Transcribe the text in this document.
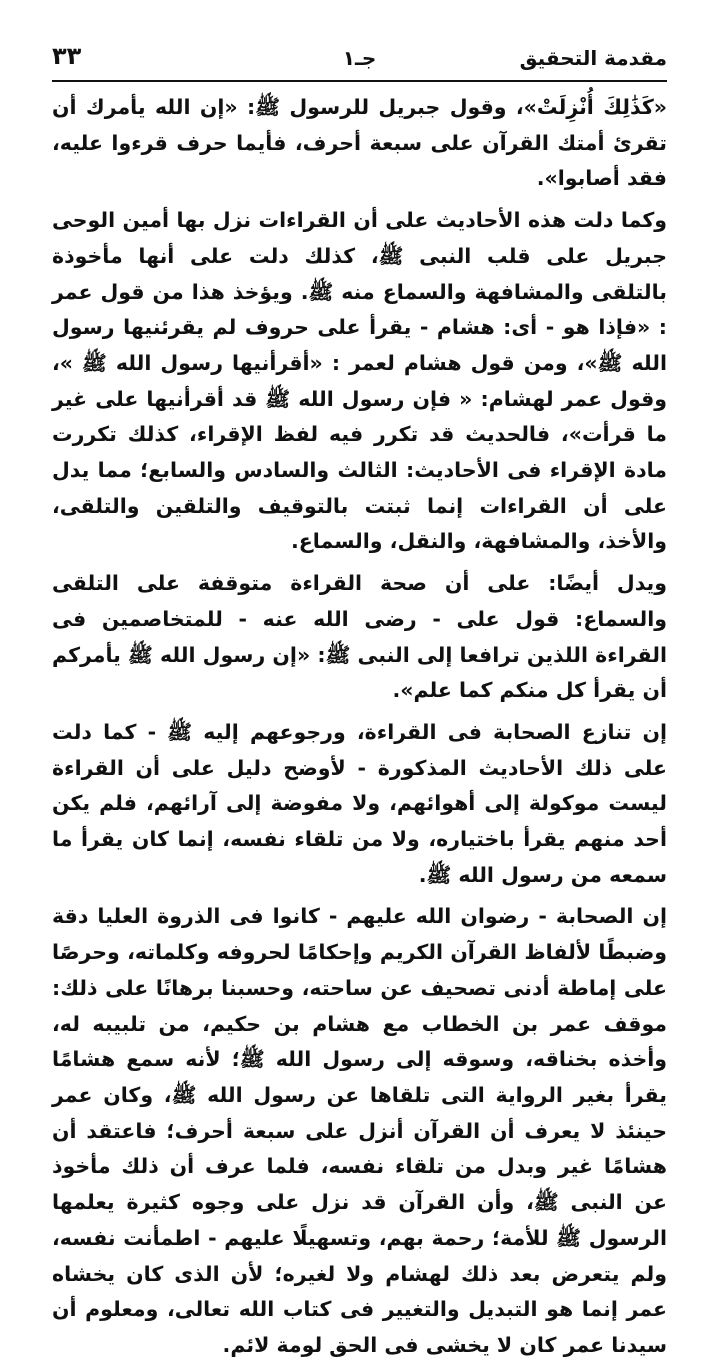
مقدمة التحقيق
جـ١
٣٣

«كَذَٰلِكَ أُنْزِلَتْ»، وقول جبريل للرسول ﷺ: «إن الله يأمرك أن تقرئ أمتك القرآن على سبعة أحرف، فأيما حرف قرءوا عليه، فقد أصابوا».

وكما دلت هذه الأحاديث على أن القراءات نزل بها أمين الوحى جبريل على قلب النبى ﷺ، كذلك دلت على أنها مأخوذة بالتلقى والمشافهة والسماع منه ﷺ. ويؤخذ هذا من قول عمر : «فإذا هو - أى: هشام - يقرأ على حروف لم يقرئنيها رسول الله ﷺ»، ومن قول هشام لعمر : «أقرأنيها رسول الله ﷺ »، وقول عمر لهشام: « فإن رسول الله ﷺ قد أقرأنيها على غير ما قرأت»، فالحديث قد تكرر فيه لفظ الإقراء، كذلك تكررت مادة الإقراء فى الأحاديث: الثالث والسادس والسابع؛ مما يدل على أن القراءات إنما ثبتت بالتوقيف والتلقين والتلقى، والأخذ، والمشافهة، والنقل، والسماع.

ويدل أيضًا: على أن صحة القراءة متوقفة على التلقى والسماع: قول على - رضى الله عنه - للمتخاصمين فى القراءة اللذين ترافعا إلى النبى ﷺ: «إن رسول الله ﷺ يأمركم أن يقرأ كل منكم كما علم».

إن تنازع الصحابة فى القراءة، ورجوعهم إليه ﷺ - كما دلت على ذلك الأحاديث المذكورة - لأوضح دليل على أن القراءة ليست موكولة إلى أهوائهم، ولا مفوضة إلى آرائهم، فلم يكن أحد منهم يقرأ باختياره، ولا من تلقاء نفسه، إنما كان يقرأ ما سمعه من رسول الله ﷺ.

إن الصحابة - رضوان الله عليهم - كانوا فى الذروة العليا دقة وضبطًا لألفاظ القرآن الكريم وإحكامًا لحروفه وكلماته، وحرصًا على إماطة أدنى تصحيف عن ساحته، وحسبنا برهانًا على ذلك: موقف عمر بن الخطاب مع هشام بن حكيم، من تلبيبه له، وأخذه بخناقه، وسوقه إلى رسول الله ﷺ؛ لأنه سمع هشامًا يقرأ بغير الرواية التى تلقاها عن رسول الله ﷺ، وكان عمر حينئذ لا يعرف أن القرآن أنزل على سبعة أحرف؛ فاعتقد أن هشامًا غير وبدل من تلقاء نفسه، فلما عرف أن ذلك مأخوذ عن النبى ﷺ، وأن القرآن قد نزل على وجوه كثيرة يعلمها الرسول ﷺ للأمة؛ رحمة بهم، وتسهيلًا عليهم - اطمأنت نفسه، ولم يتعرض بعد ذلك لهشام ولا لغيره؛ لأن الذى كان يخشاه عمر إنما هو التبديل والتغيير فى كتاب الله تعالى، ومعلوم أن سيدنا عمر كان لا يخشى فى الحق لومة لائم.
